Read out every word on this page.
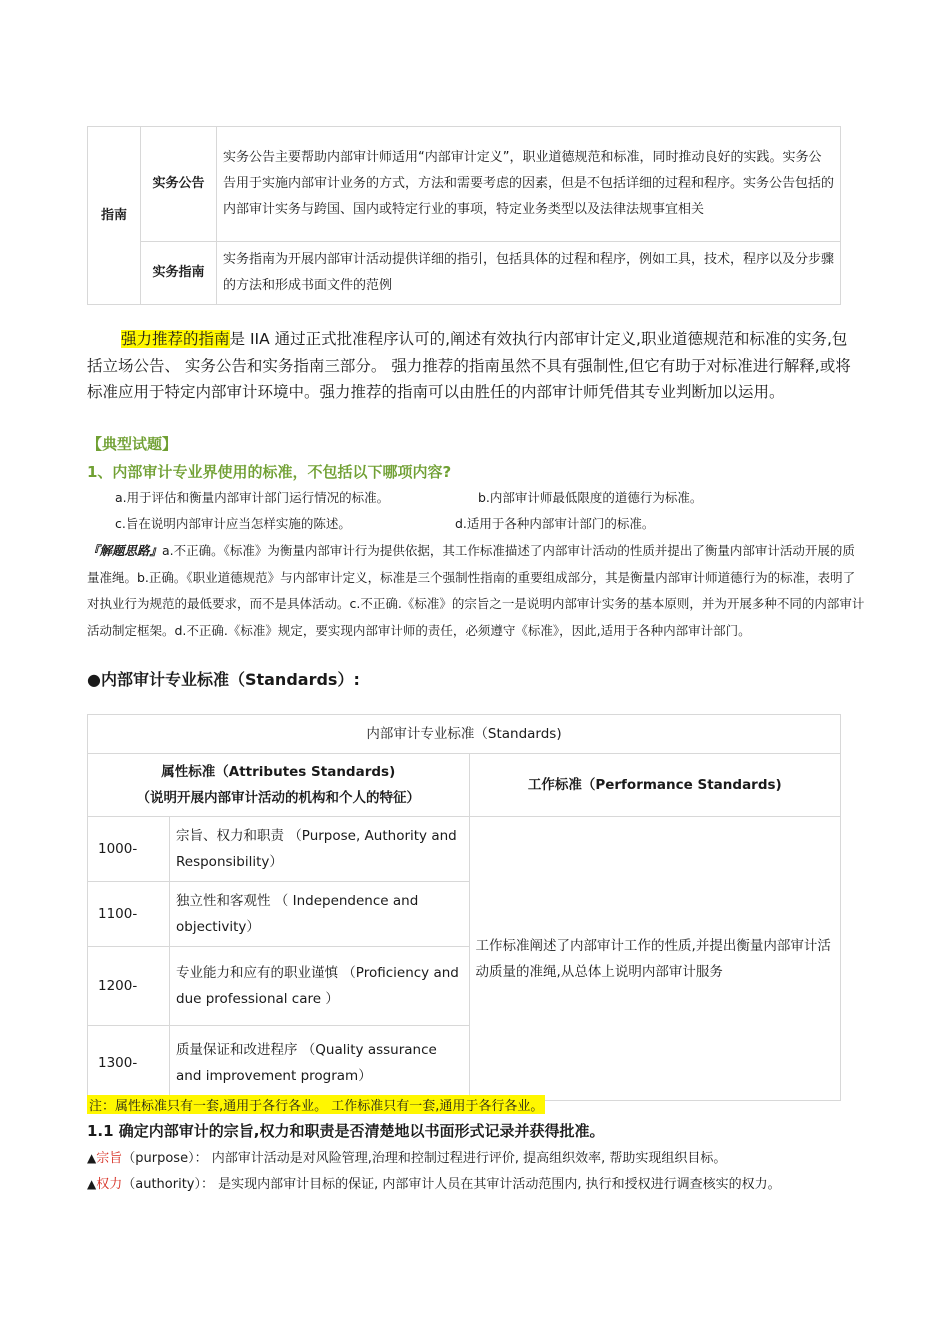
指南	实务公告	实务公告主要帮助内部审计师适用“内部审计定义”，职业道德规范和标准，同时推动良好的实践。实务公告用于实施内部审计业务的方式，方法和需要考虑的因素，但是不包括详细的过程和程序。实务公告包括的内部审计实务与跨国、国内或特定行业的事项，特定业务类型以及法律法规事宜相关
	实务指南	实务指南为开展内部审计活动提供详细的指引，包括具体的过程和程序，例如工具，技术，程序以及分步骤的方法和形成书面文件的范例
强力推荐的指南是 IIA 通过正式批准程序认可的,阐述有效执行内部审计定义,职业道德规范和标准的实务,包括立场公告、 实务公告和实务指南三部分。 强力推荐的指南虽然不具有强制性,但它有助于对标准进行解释,或将标准应用于特定内部审计环境中。强力推荐的指南可以由胜任的内部审计师凭借其专业判断加以运用。
【典型试题】
1、内部审计专业界使用的标准，不包括以下哪项内容?
a.用于评估和衡量内部审计部门运行情况的标准。	b.内部审计师最低限度的道德行为标准。
c.旨在说明内部审计应当怎样实施的陈述。	d.适用于各种内部审计部门的标准。
『解题思路』a.不正确。《标准》为衡量内部审计行为提供依据，其工作标准描述了内部审计活动的性质并提出了衡量内部审计活动开展的质量准绳。b.正确。《职业道德规范》与内部审计定义，标准是三个强制性指南的重要组成部分，其是衡量内部审计师道德行为的标准，表明了对执业行为规范的最低要求，而不是具体活动。c.不正确.《标准》的宗旨之一是说明内部审计实务的基本原则，并为开展多种不同的内部审计活动制定框架。d.不正确.《标准》规定，要实现内部审计师的责任，必须遵守《标准》，因此,适用于各种内部审计部门。
●内部审计专业标准（Standards）:
内部审计专业标准（Standards)		

属性标准（Attributes Standards)
（说明开展内部审计活动的机构和个人的特征）		工作标准（Performance Standards)
1000-	宗旨、权力和职责 （Purpose, Authority and Responsibility）	工作标准阐述了内部审计工作的性质,并提出衡量内部审计活动质量的准绳,从总体上说明内部审计服务
1100-	独立性和客观性 （ Independence and objectivity）	
1200-	专业能力和应有的职业谨慎 （Proficiency and due professional care ）	
1300-	质量保证和改进程序 （Quality assurance and improvement program）	
注：属性标准只有一套,通用于各行各业。 工作标准只有一套,通用于各行各业。
1.1 确定内部审计的宗旨,权力和职责是否清楚地以书面形式记录并获得批准。
▲宗旨（purpose）： 内部审计活动是对风险管理,治理和控制过程进行评价, 提高组织效率, 帮助实现组织目标。
▲权力（authority）： 是实现内部审计目标的保证, 内部审计人员在其审计活动范围内, 执行和授权进行调查核实的权力。
